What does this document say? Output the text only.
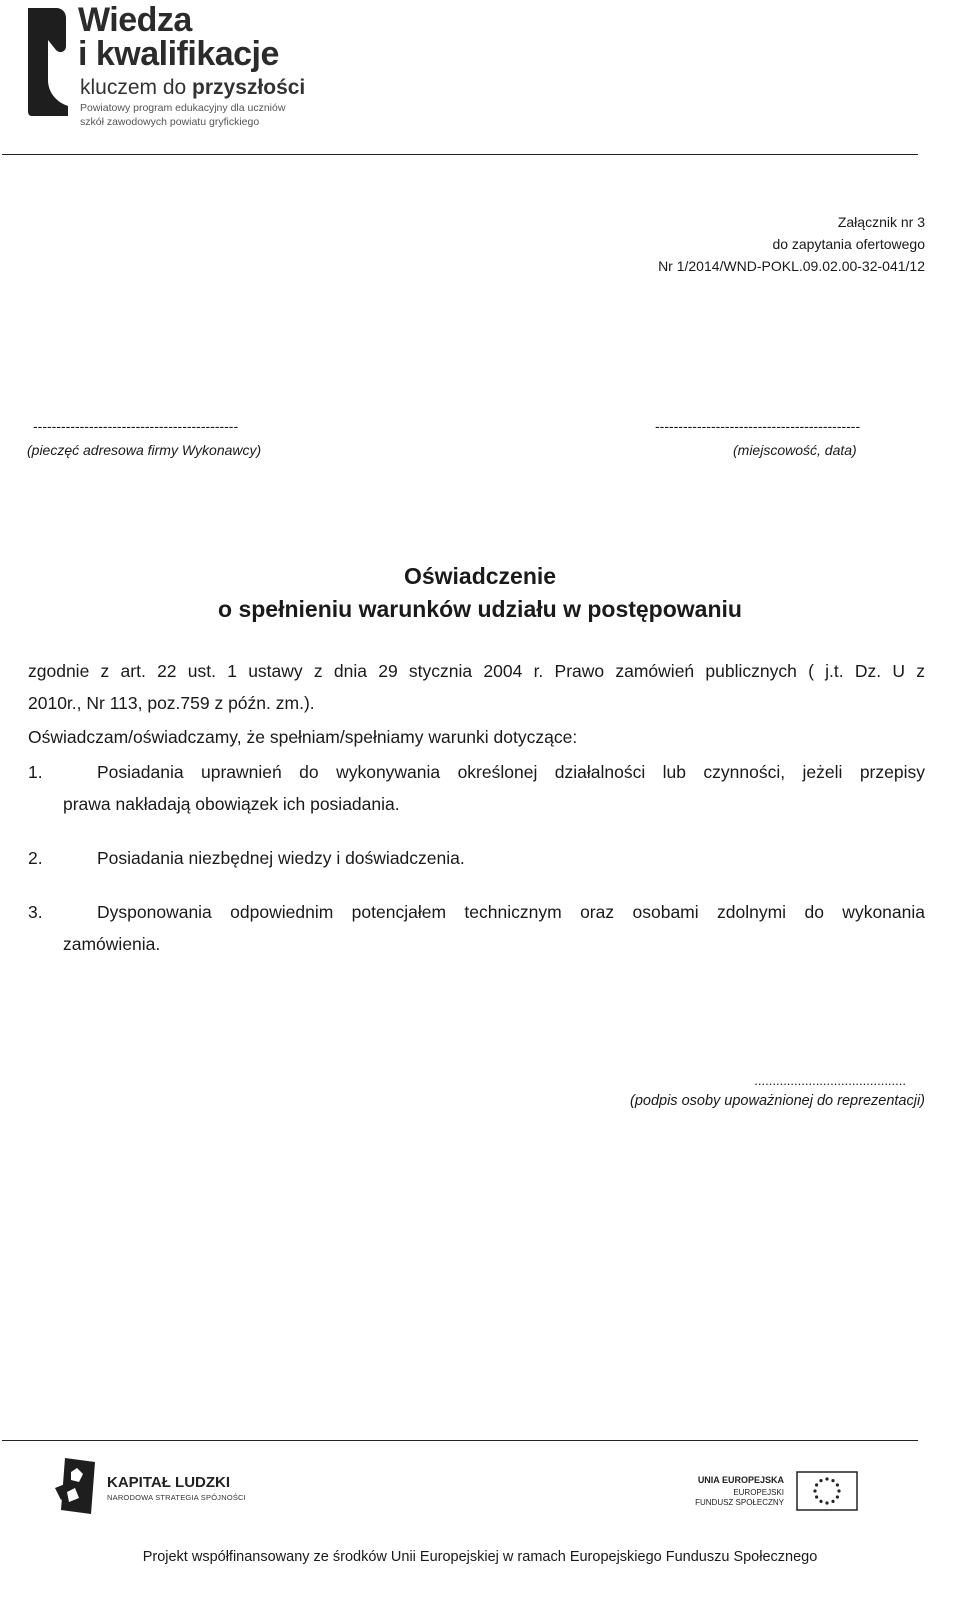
Wiedza
i kwalifikacje
kluczem do przyszłości
Powiatowy program edukacyjny dla uczniów
szkół zawodowych powiatu gryfickiego
Załącznik nr 3
do zapytania ofertowego
Nr 1/2014/WND-POKL.09.02.00-32-041/12
--------------------------------------------
(pieczęć adresowa firmy Wykonawcy)
--------------------------------------------
(miejscowość, data)
Oświadczenie
o spełnieniu warunków udziału w postępowaniu
zgodnie z art. 22 ust. 1 ustawy z dnia 29 stycznia 2004 r. Prawo zamówień publicznych ( j.t. Dz. U z
2010r., Nr 113, poz.759 z późn. zm.).
Oświadczam/oświadczamy, że spełniam/spełniamy warunki dotyczące:
1.	Posiadania uprawnień do wykonywania określonej działalności lub czynności, jeżeli przepisy
prawa nakładają obowiązek ich posiadania.
2.	Posiadania niezbędnej wiedzy i doświadczenia.
3.	Dysponowania odpowiednim potencjałem technicznym oraz osobami zdolnymi do wykonania
zamówienia.
..........................................
(podpis osoby upoważnionej do reprezentacji)
KAPITAŁ LUDZKI
NARODOWA STRATEGIA SPÓJNOŚCI
UNIA EUROPEJSKA
EUROPEJSKI
FUNDUSZ SPOŁECZNY
Projekt współfinansowany ze środków Unii Europejskiej w ramach Europejskiego Funduszu Społecznego
